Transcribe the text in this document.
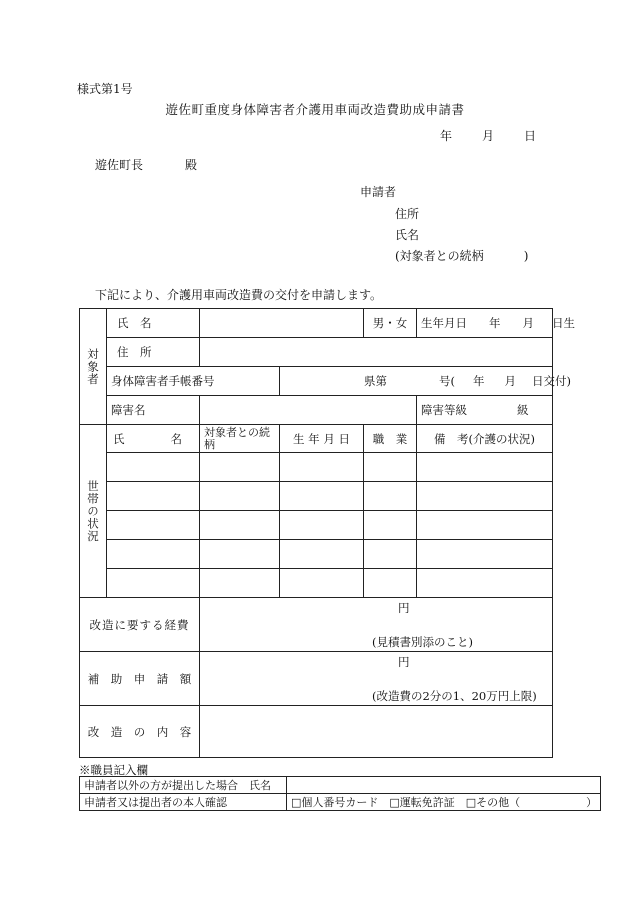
様式第1号
遊佐町重度身体障害者介護用車両改造費助成申請書
年	月	日
遊佐町長	殿
申請者
住所
氏名
(対象者との続柄	)
下記により、介護用車両改造費の交付を申請します。
対象者	氏　名			男・女	生年月日 年 月 日生
	住　所				
	身体障害者手帳番号		県第 号( 年 月 日交付)		
	障害名				障害等級 級
世帯の状況	氏　　　　名	対象者との続柄	生 年 月 日	職　業	備　考(介護の状況)

改造に要する経費		円
(見積書別添のこと)			

補　助　申　請　額		円
(改造費の2分の1、20万円上限)			

改　造　の　内　容					
※職員記入欄
申請者以外の方が提出した場合　氏名	
申請者又は提出者の本人確認	□個人番号カード　□運転免許証　□その他（　　　　　　）
